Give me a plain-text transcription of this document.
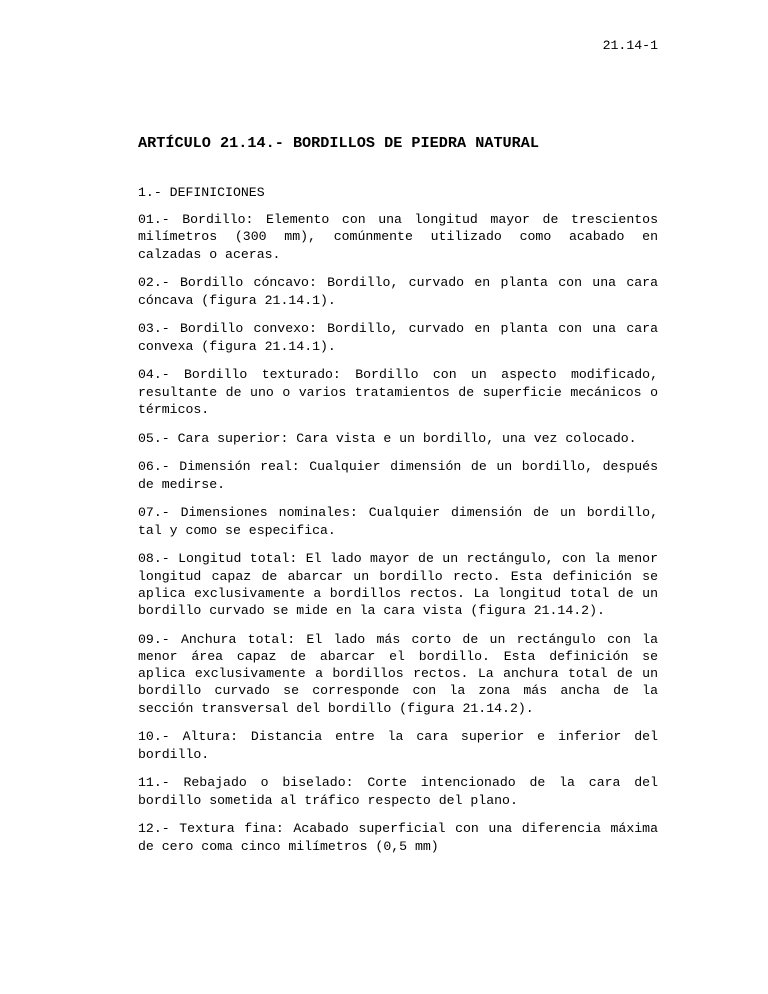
21.14-1
ARTÍCULO 21.14.- BORDILLOS DE PIEDRA NATURAL

1.- DEFINICIONES

01.- Bordillo: Elemento con una longitud mayor de trescientos milímetros (300 mm), comúnmente utilizado como acabado en calzadas o aceras.

02.- Bordillo cóncavo: Bordillo, curvado en planta con una cara cóncava (figura 21.14.1).

03.- Bordillo convexo: Bordillo, curvado en planta con una cara convexa (figura 21.14.1).

04.- Bordillo texturado: Bordillo con un aspecto modificado, resultante de uno o varios tratamientos de superficie mecánicos o térmicos.

05.- Cara superior: Cara vista e un bordillo, una vez colocado.

06.- Dimensión real: Cualquier dimensión de un bordillo, después de medirse.

07.- Dimensiones nominales: Cualquier dimensión de un bordillo, tal y como se especifica.

08.- Longitud total: El lado mayor de un rectángulo, con la menor longitud capaz de abarcar un bordillo recto. Esta definición se aplica exclusivamente a bordillos rectos. La longitud total de un bordillo curvado se mide en la cara vista (figura 21.14.2).

09.- Anchura total: El lado más corto de un rectángulo con la menor área capaz de abarcar el bordillo. Esta definición se aplica exclusivamente a bordillos rectos. La anchura total de un bordillo curvado se corresponde con la zona más ancha de la sección transversal del bordillo (figura 21.14.2).

10.- Altura: Distancia entre la cara superior e inferior del bordillo.

11.- Rebajado o biselado: Corte intencionado de la cara del bordillo sometida al tráfico respecto del plano.

12.- Textura fina: Acabado superficial con una diferencia máxima de cero coma cinco milímetros (0,5 mm)
